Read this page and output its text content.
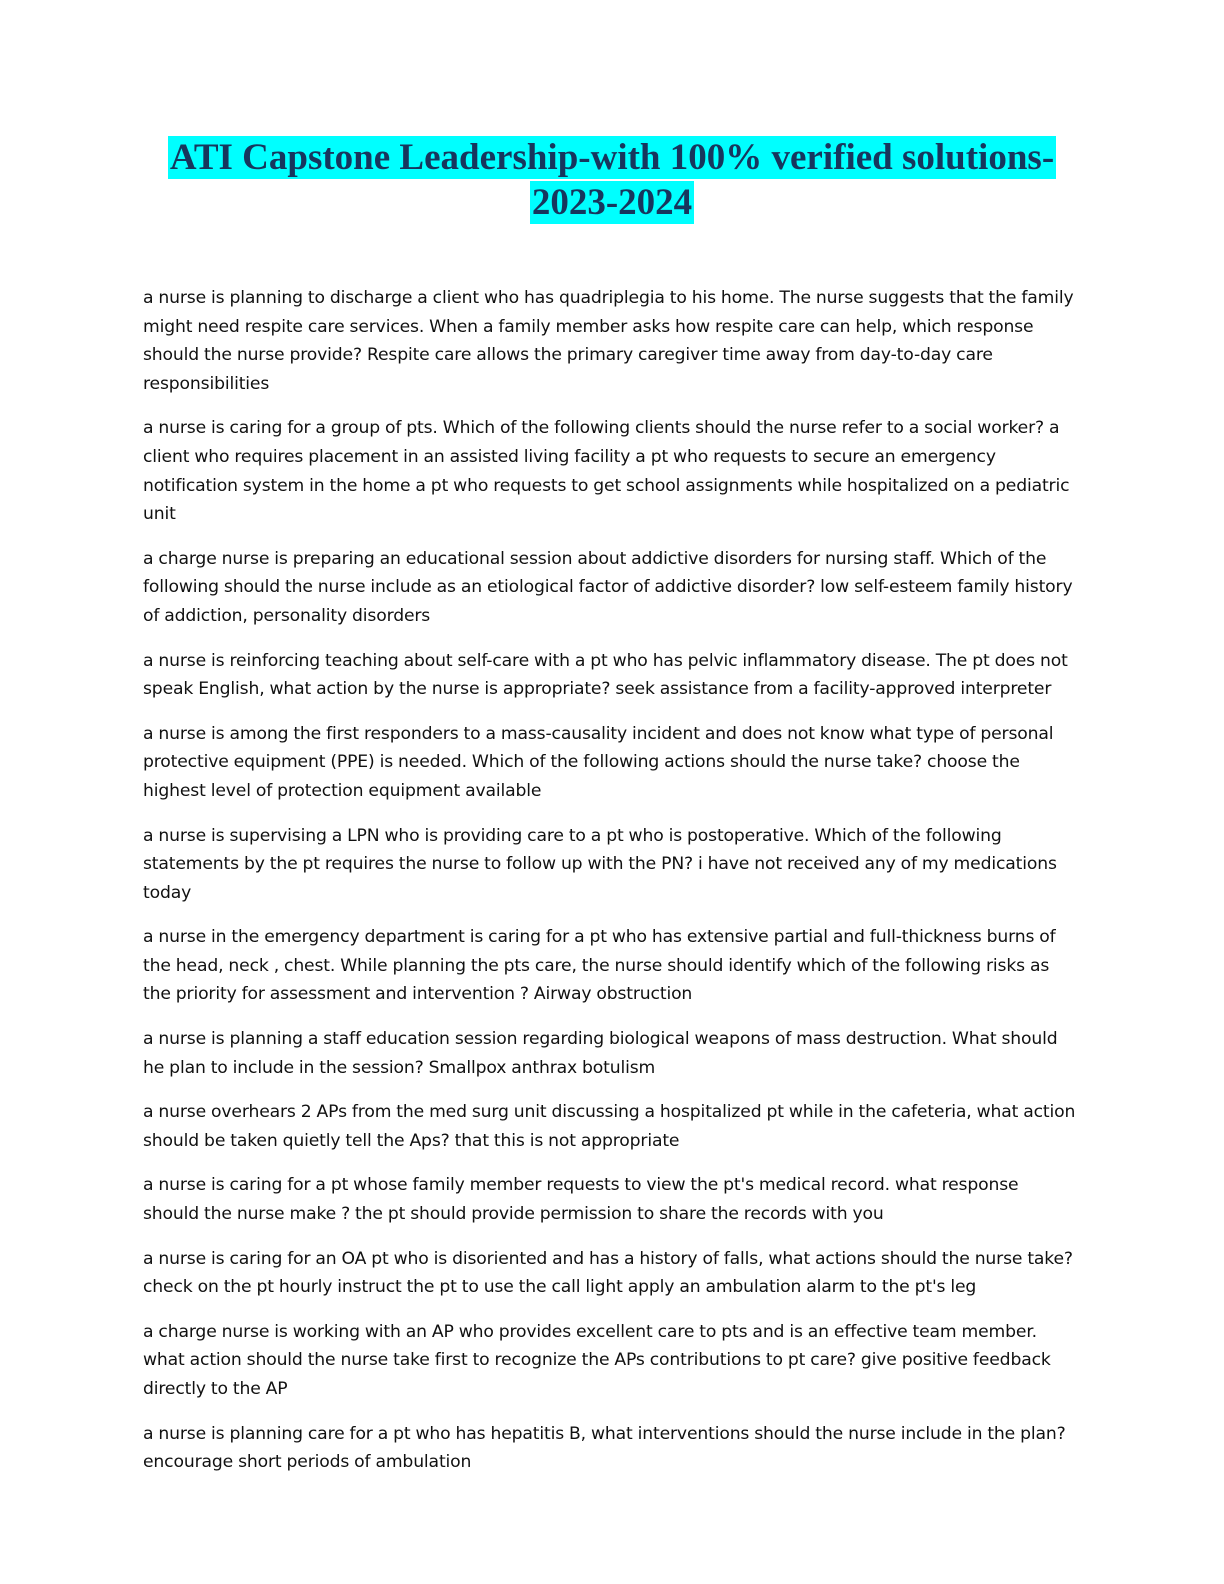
ATI Capstone Leadership-with 100% verified solutions-
2023-2024

a nurse is planning to discharge a client who has quadriplegia to his home. The nurse suggests that the family might need respite care services. When a family member asks how respite care can help, which response should the nurse provide? Respite care allows the primary caregiver time away from day-to-day care responsibilities

a nurse is caring for a group of pts. Which of the following clients should the nurse refer to a social worker? a client who requires placement in an assisted living facility a pt who requests to secure an emergency notification system in the home a pt who requests to get school assignments while hospitalized on a pediatric unit

a charge nurse is preparing an educational session about addictive disorders for nursing staff. Which of the following should the nurse include as an etiological factor of addictive disorder? low self-esteem family history of addiction, personality disorders

a nurse is reinforcing teaching about self-care with a pt who has pelvic inflammatory disease. The pt does not speak English, what action by the nurse is appropriate? seek assistance from a facility-approved interpreter

a nurse is among the first responders to a mass-causality incident and does not know what type of personal protective equipment (PPE) is needed. Which of the following actions should the nurse take? choose the highest level of protection equipment available

a nurse is supervising a LPN who is providing care to a pt who is postoperative. Which of the following statements by the pt requires the nurse to follow up with the PN? i have not received any of my medications today

a nurse in the emergency department is caring for a pt who has extensive partial and full-thickness burns of the head, neck , chest. While planning the pts care, the nurse should identify which of the following risks as the priority for assessment and intervention ? Airway obstruction

a nurse is planning a staff education session regarding biological weapons of mass destruction. What should he plan to include in the session? Smallpox anthrax botulism

a nurse overhears 2 APs from the med surg unit discussing a hospitalized pt while in the cafeteria, what action should be taken quietly tell the Aps? that this is not appropriate

a nurse is caring for a pt whose family member requests to view the pt's medical record. what response should the nurse make ? the pt should provide permission to share the records with you

a nurse is caring for an OA pt who is disoriented and has a history of falls, what actions should the nurse take? check on the pt hourly instruct the pt to use the call light apply an ambulation alarm to the pt's leg

a charge nurse is working with an AP who provides excellent care to pts and is an effective team member. what action should the nurse take first to recognize the APs contributions to pt care? give positive feedback directly to the AP

a nurse is planning care for a pt who has hepatitis B, what interventions should the nurse include in the plan? encourage short periods of ambulation
